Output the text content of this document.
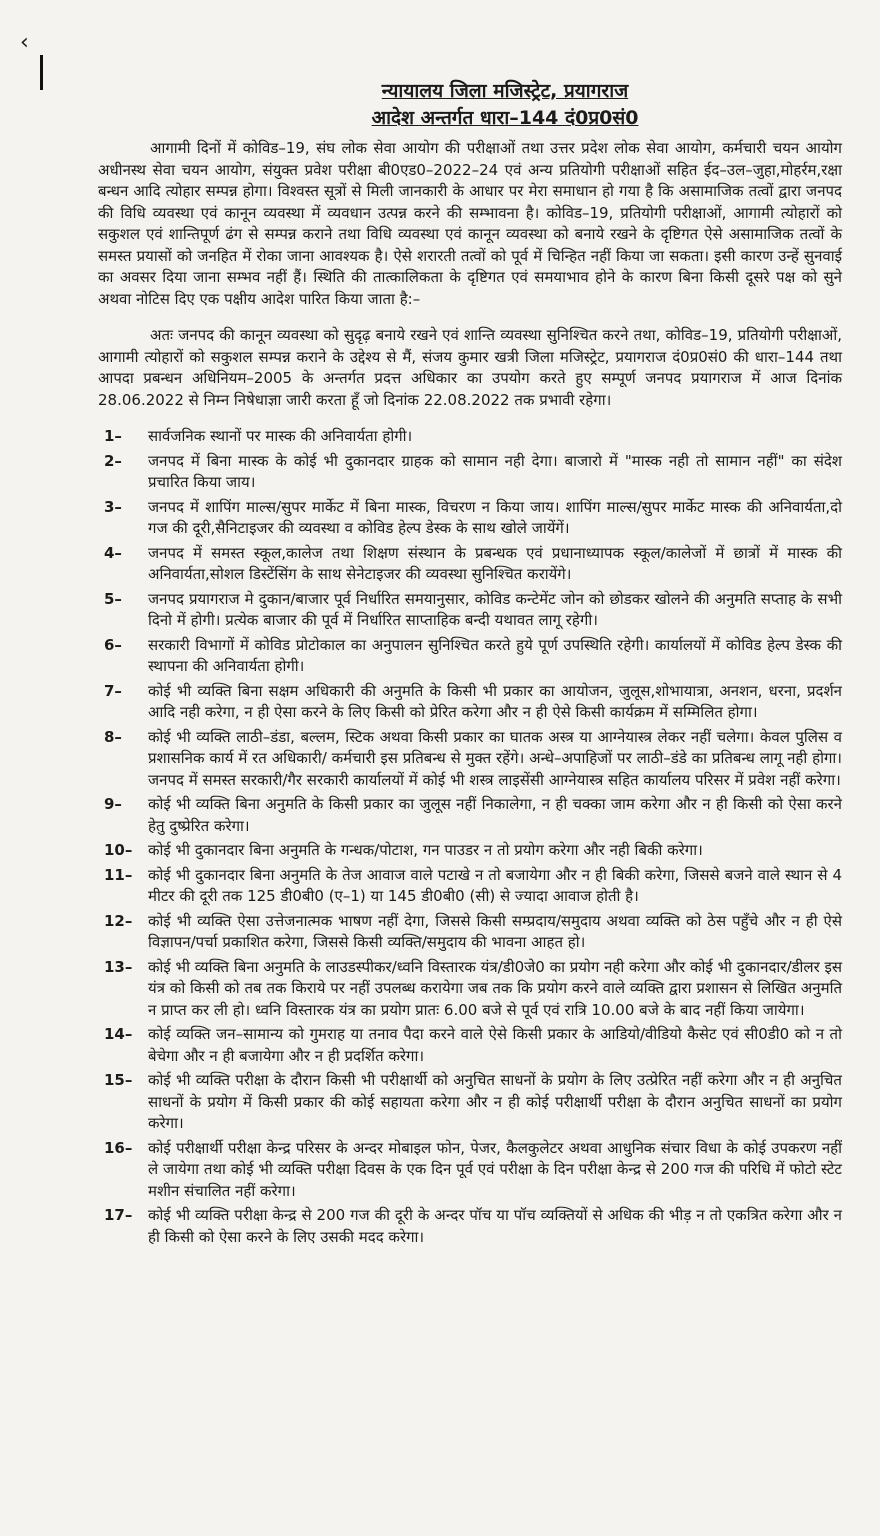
‹
न्यायालय जिला मजिस्ट्रेट, प्रयागराज
आदेश अन्तर्गत धारा–144 दं0प्र0सं0

आगामी दिनों में कोविड–19, संघ लोक सेवा आयोग की परीक्षाओं तथा उत्तर प्रदेश लोक सेवा आयोग, कर्मचारी चयन आयोग अधीनस्थ सेवा चयन आयोग, संयुक्त प्रवेश परीक्षा बी0एड0–2022–24 एवं अन्य प्रतियोगी परीक्षाओं सहित ईद–उल–जुहा,मोहर्रम,रक्षा बन्धन आदि त्योहार सम्पन्न होगा। विश्वस्त सूत्रों से मिली जानकारी के आधार पर मेरा समाधान हो गया है कि असामाजिक तत्वों द्वारा जनपद की विधि व्यवस्था एवं कानून व्यवस्था में व्यवधान उत्पन्न करने की सम्भावना है। कोविड–19, प्रतियोगी परीक्षाओं, आगामी त्योहारों को सकुशल एवं शान्तिपूर्ण ढंग से सम्पन्न कराने तथा विधि व्यवस्था एवं कानून व्यवस्था को बनाये रखने के दृष्टिगत ऐसे असामाजिक तत्वों के समस्त प्रयासों को जनहित में रोका जाना आवश्यक है। ऐसे शरारती तत्वों को पूर्व में चिन्हित नहीं किया जा सकता। इसी कारण उन्हें सुनवाई का अवसर दिया जाना सम्भव नहीं हैं। स्थिति की तात्कालिकता के दृष्टिगत एवं समयाभाव होने के कारण बिना किसी दूसरे पक्ष को सुने अथवा नोटिस दिए एक पक्षीय आदेश पारित किया जाता है:–

अतः जनपद की कानून व्यवस्था को सुदृढ़ बनाये रखने एवं शान्ति व्यवस्था सुनिश्चित करने तथा, कोविड–19, प्रतियोगी परीक्षाओं, आगामी त्योहारों को सकुशल सम्पन्न कराने के उद्देश्य से मैं, संजय कुमार खत्री जिला मजिस्ट्रेट, प्रयागराज दं0प्र0सं0 की धारा–144 तथा आपदा प्रबन्धन अधिनियम–2005 के अन्तर्गत प्रदत्त अधिकार का उपयोग करते हुए सम्पूर्ण जनपद प्रयागराज में आज दिनांक 28.06.2022 से निम्न निषेधाज्ञा जारी करता हूँ जो दिनांक 22.08.2022 तक प्रभावी रहेगा।

1–	सार्वजनिक स्थानों पर मास्क की अनिवार्यता होगी।
2–	जनपद में बिना मास्क के कोई भी दुकानदार ग्राहक को सामान नही देगा। बाजारो में "मास्क नही तो सामान नहीं" का संदेश प्रचारित किया जाय।
3–	जनपद में शापिंग माल्स/सुपर मार्केट में बिना मास्क, विचरण न किया जाय। शापिंग माल्स/सुपर मार्केट मास्क की अनिवार्यता,दो गज की दूरी,सैनिटाइजर की व्यवस्था व कोविड हेल्प डेस्क के साथ खोले जायेंगें।
4–	जनपद में समस्त स्कूल,कालेज तथा शिक्षण संस्थान के प्रबन्धक एवं प्रधानाध्यापक स्कूल/कालेजों में छात्रों में मास्क की अनिवार्यता,सोशल डिस्टेंसिंग के साथ सेनेटाइजर की व्यवस्था सुनिश्चित करायेंगे।
5–	जनपद प्रयागराज मे दुकान/बाजार पूर्व निर्धारित समयानुसार, कोविड कन्टेमेंट जोन को छोडकर खोलने की अनुमति सप्ताह के सभी दिनो में होगी। प्रत्येक बाजार की पूर्व में निर्धारित साप्ताहिक बन्दी यथावत लागू रहेगी।
6–	सरकारी विभागों में कोविड प्रोटोकाल का अनुपालन सुनिश्चित करते हुये पूर्ण उपस्थिति रहेगी। कार्यालयों में कोविड हेल्प डेस्क की स्थापना की अनिवार्यता होगी।
7–	कोई भी व्यक्ति बिना सक्षम अधिकारी की अनुमति के किसी भी प्रकार का आयोजन, जुलूस,शोभायात्रा, अनशन, धरना, प्रदर्शन आदि नही करेगा, न ही ऐसा करने के लिए किसी को प्रेरित करेगा और न ही ऐसे किसी कार्यक्रम में सम्मिलित होगा।
8–	कोई भी व्यक्ति लाठी–डंडा, बल्लम, स्टिक अथवा किसी प्रकार का घातक अस्त्र या आग्नेयास्त्र लेकर नहीं चलेगा। केवल पुलिस व प्रशासनिक कार्य में रत अधिकारी/ कर्मचारी इस प्रतिबन्ध से मुक्त रहेंगे। अन्धे–अपाहिजों पर लाठी–डंडे का प्रतिबन्ध लागू नही होगा। जनपद में समस्त सरकारी/गैर सरकारी कार्यालयों में कोई भी शस्त्र लाइसेंसी आग्नेयास्त्र सहित कार्यालय परिसर में प्रवेश नहीं करेगा।
9–	कोई भी व्यक्ति बिना अनुमति के किसी प्रकार का जुलूस नहीं निकालेगा, न ही चक्का जाम करेगा और न ही किसी को ऐसा करने हेतु दुष्प्रेरित करेगा।
10–	कोई भी दुकानदार बिना अनुमति के गन्धक/पोटाश, गन पाउडर न तो प्रयोग करेगा और नही बिकी करेगा।
11–	कोई भी दुकानदार बिना अनुमति के तेज आवाज वाले पटाखे न तो बजायेगा और न ही बिकी करेगा, जिससे बजने वाले स्थान से 4 मीटर की दूरी तक 125 डी0बी0 (ए–1) या 145 डी0बी0 (सी) से ज्यादा आवाज होती है।
12–	कोई भी व्यक्ति ऐसा उत्तेजनात्मक भाषण नहीं देगा, जिससे किसी सम्प्रदाय/समुदाय अथवा व्यक्ति को ठेस पहुँचे और न ही ऐसे विज्ञापन/पर्चा प्रकाशित करेगा, जिससे किसी व्यक्ति/समुदाय की भावना आहत हो।
13–	कोई भी व्यक्ति बिना अनुमति के लाउडस्पीकर/ध्वनि विस्तारक यंत्र/डी0जे0 का प्रयोग नही करेगा और कोई भी दुकानदार/डीलर इस यंत्र को किसी को तब तक किराये पर नहीं उपलब्ध करायेगा जब तक कि प्रयोग करने वाले व्यक्ति द्वारा प्रशासन से लिखित अनुमति न प्राप्त कर ली हो। ध्वनि विस्तारक यंत्र का प्रयोग प्रातः 6.00 बजे से पूर्व एवं रात्रि 10.00 बजे के बाद नहीं किया जायेगा।
14–	कोई व्यक्ति जन–सामान्य को गुमराह या तनाव पैदा करने वाले ऐसे किसी प्रकार के आडियो/वीडियो कैसेट एवं सी0डी0 को न तो बेचेगा और न ही बजायेगा और न ही प्रदर्शित करेगा।
15–	कोई भी व्यक्ति परीक्षा के दौरान किसी भी परीक्षार्थी को अनुचित साधनों के प्रयोग के लिए उत्प्रेरित नहीं करेगा और न ही अनुचित साधनों के प्रयोग में किसी प्रकार की कोई सहायता करेगा और न ही कोई परीक्षार्थी परीक्षा के दौरान अनुचित साधनों का प्रयोग करेगा।
16–	कोई परीक्षार्थी परीक्षा केन्द्र परिसर के अन्दर मोबाइल फोन, पेजर, कैलकुलेटर अथवा आधुनिक संचार विधा के कोई उपकरण नहीं ले जायेगा तथा कोई भी व्यक्ति परीक्षा दिवस के एक दिन पूर्व एवं परीक्षा के दिन परीक्षा केन्द्र से 200 गज की परिधि में फोटो स्टेट मशीन संचालित नहीं करेगा।
17–	कोई भी व्यक्ति परीक्षा केन्द्र से 200 गज की दूरी के अन्दर पॉच या पॉच व्यक्तियों से अधिक की भीड़ न तो एकत्रित करेगा और न ही किसी को ऐसा करने के लिए उसकी मदद करेगा।
